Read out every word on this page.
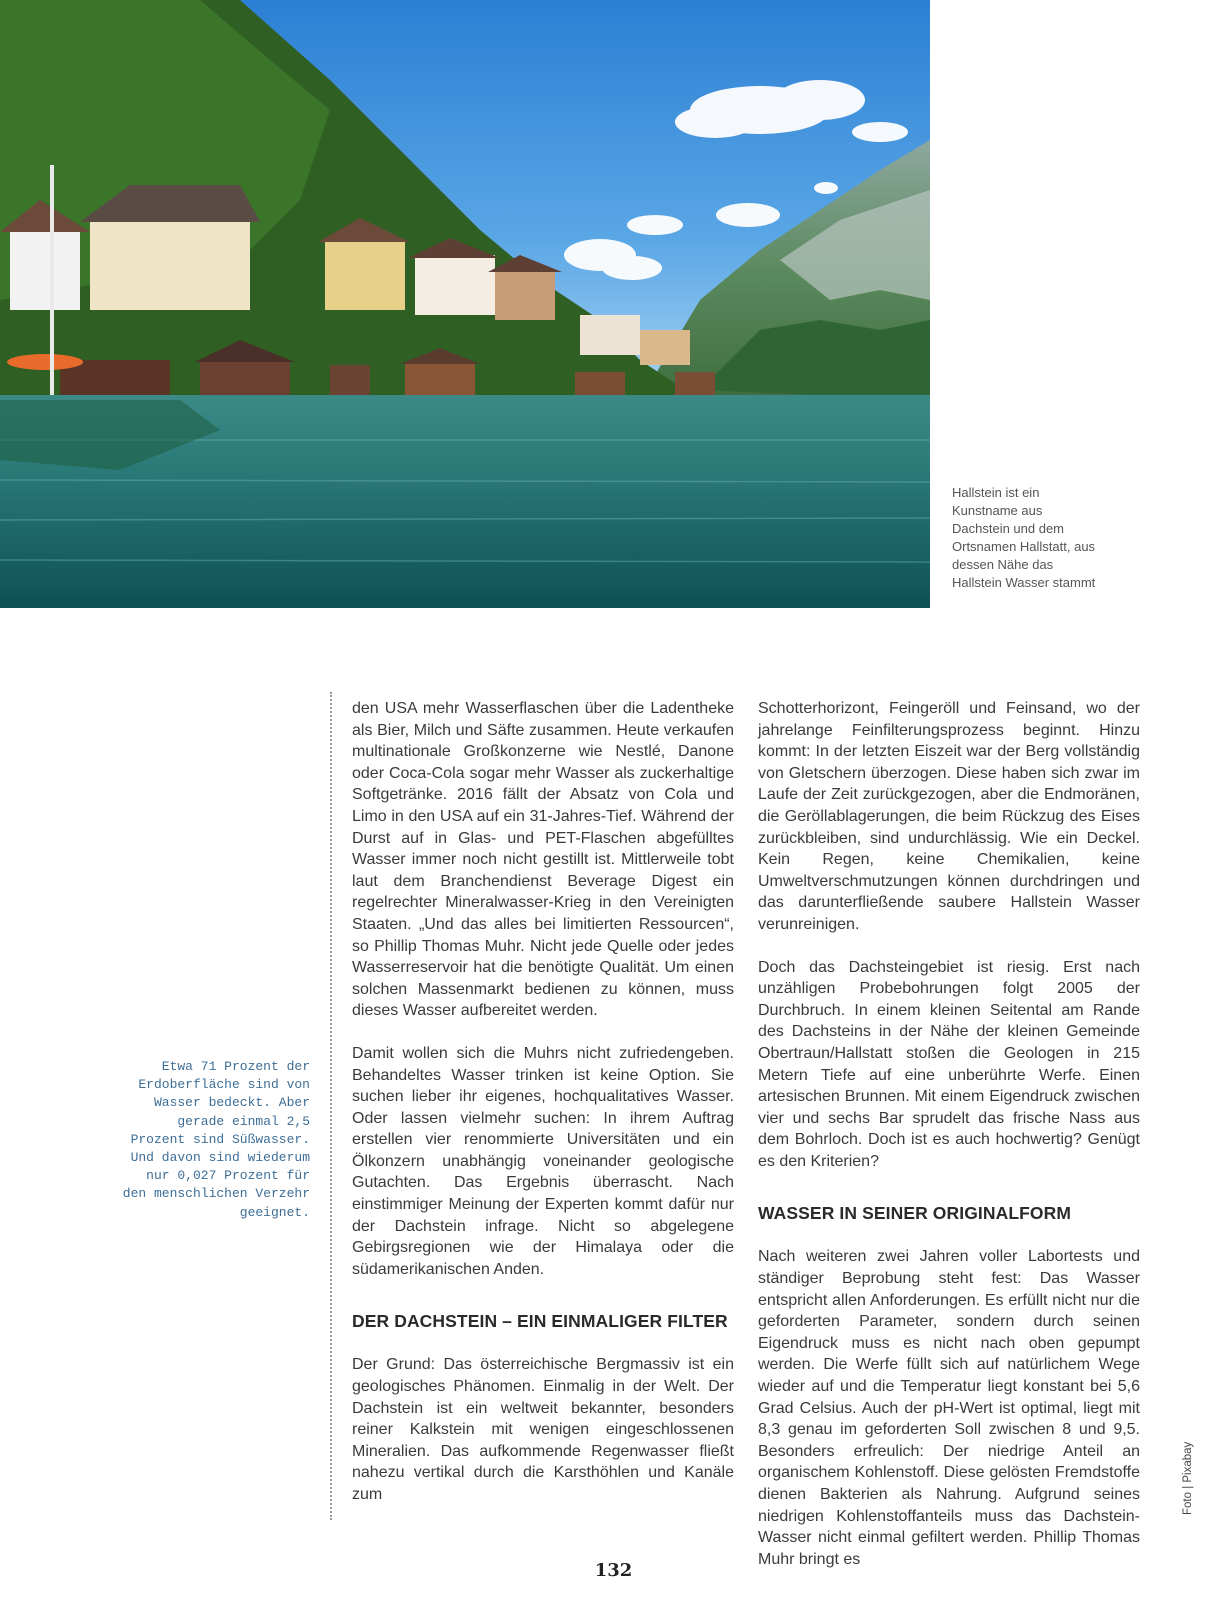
Hallstein ist ein Kunstname aus Dachstein und dem Ortsnamen Hallstatt, aus dessen Nähe das Hallstein Wasser stammt
Etwa 71 Prozent der Erdoberfläche sind von Wasser bedeckt. Aber gerade einmal 2,5 Prozent sind Süßwasser. Und davon sind wiederum nur 0,027 Prozent für den menschlichen Verzehr geeignet.

den USA mehr Wasserflaschen über die Ladentheke als Bier, Milch und Säfte zusammen. Heute verkaufen multinationale Großkonzerne wie Nestlé, Danone oder Coca-Cola sogar mehr Wasser als zuckerhaltige Softgetränke. 2016 fällt der Absatz von Cola und Limo in den USA auf ein 31-Jahres-Tief. Während der Durst auf in Glas- und PET-Flaschen abgefülltes Wasser immer noch nicht gestillt ist. Mittlerweile tobt laut dem Branchendienst Beverage Digest ein regelrechter Mineralwasser-Krieg in den Vereinigten Staaten. „Und das alles bei limitierten Ressourcen“, so Phillip Thomas Muhr. Nicht jede Quelle oder jedes Wasserreservoir hat die benötigte Qualität. Um einen solchen Massenmarkt bedienen zu können, muss dieses Wasser aufbereitet werden.

Damit wollen sich die Muhrs nicht zufriedengeben. Behandeltes Wasser trinken ist keine Option. Sie suchen lieber ihr eigenes, hochqualitatives Wasser. Oder lassen vielmehr suchen: In ihrem Auftrag erstellen vier renommierte Universitäten und ein Ölkonzern unabhängig voneinander geologische Gutachten. Das Ergebnis überrascht. Nach einstimmiger Meinung der Experten kommt dafür nur der Dachstein infrage. Nicht so abgelegene Gebirgsregionen wie der Himalaya oder die südamerikanischen Anden.

DER DACHSTEIN – EIN EINMALIGER FILTER

Der Grund: Das österreichische Bergmassiv ist ein geologisches Phänomen. Einmalig in der Welt. Der Dachstein ist ein weltweit bekannter, besonders reiner Kalkstein mit wenigen eingeschlossenen Mineralien. Das aufkommende Regenwasser fließt nahezu vertikal durch die Karsthöhlen und Kanäle zum

Schotterhorizont, Feingeröll und Feinsand, wo der jahrelange Feinfilterungsprozess beginnt. Hinzu kommt: In der letzten Eiszeit war der Berg vollständig von Gletschern überzogen. Diese haben sich zwar im Laufe der Zeit zurückgezogen, aber die Endmoränen, die Geröllablagerungen, die beim Rückzug des Eises zurückbleiben, sind undurchlässig. Wie ein Deckel. Kein Regen, keine Chemikalien, keine Umweltverschmutzungen können durchdringen und das darunterfließende saubere Hallstein Wasser verunreinigen.

Doch das Dachsteingebiet ist riesig. Erst nach unzähligen Probebohrungen folgt 2005 der Durchbruch. In einem kleinen Seitental am Rande des Dachsteins in der Nähe der kleinen Gemeinde Obertraun/Hallstatt stoßen die Geologen in 215 Metern Tiefe auf eine unberührte Werfe. Einen artesischen Brunnen. Mit einem Eigendruck zwischen vier und sechs Bar sprudelt das frische Nass aus dem Bohrloch. Doch ist es auch hochwertig? Genügt es den Kriterien?

WASSER IN SEINER ORIGINALFORM

Nach weiteren zwei Jahren voller Labortests und ständiger Beprobung steht fest: Das Wasser entspricht allen Anforderungen. Es erfüllt nicht nur die geforderten Parameter, sondern durch seinen Eigendruck muss es nicht nach oben gepumpt werden. Die Werfe füllt sich auf natürlichem Wege wieder auf und die Temperatur liegt konstant bei 5,6 Grad Celsius. Auch der pH-Wert ist optimal, liegt mit 8,3 genau im geforderten Soll zwischen 8 und 9,5. Besonders erfreulich: Der niedrige Anteil an organischem Kohlenstoff. Diese gelösten Fremdstoffe dienen Bakterien als Nahrung. Aufgrund seines niedrigen Kohlenstoffanteils muss das Dachstein-Wasser nicht einmal gefiltert werden. Phillip Thomas Muhr bringt es

132
Foto | Pixabay
